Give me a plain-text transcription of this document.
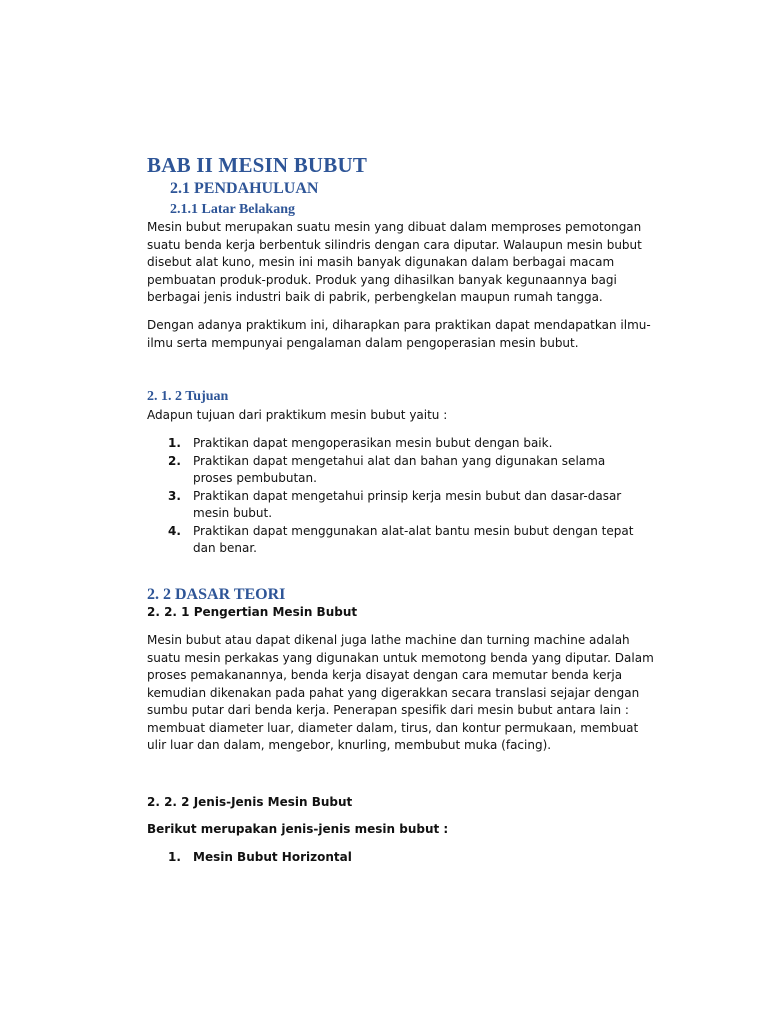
BAB II MESIN BUBUT
2.1 PENDAHULUAN
2.1.1 Latar Belakang

Mesin bubut merupakan suatu mesin yang dibuat dalam memproses pemotongan suatu benda kerja berbentuk silindris dengan cara diputar. Walaupun mesin bubut disebut alat kuno, mesin ini masih banyak digunakan dalam berbagai macam pembuatan produk-produk. Produk yang dihasilkan banyak kegunaannya bagi berbagai jenis industri baik di pabrik, perbengkelan maupun rumah tangga.

Dengan adanya praktikum ini, diharapkan para praktikan dapat mendapatkan ilmu-ilmu serta mempunyai pengalaman dalam pengoperasian mesin bubut.

2. 1. 2 Tujuan

Adapun tujuan dari praktikum mesin bubut yaitu :

1. Praktikan dapat mengoperasikan mesin bubut dengan baik.
2. Praktikan dapat mengetahui alat dan bahan yang digunakan selama proses pembubutan.
3. Praktikan dapat mengetahui prinsip kerja mesin bubut dan dasar-dasar mesin bubut.
4. Praktikan dapat menggunakan alat-alat bantu mesin bubut dengan tepat dan benar.
2. 2 DASAR TEORI

2. 2. 1 Pengertian Mesin Bubut

Mesin bubut atau dapat dikenal juga lathe machine dan turning machine adalah suatu mesin perkakas yang digunakan untuk memotong benda yang diputar. Dalam proses pemakanannya, benda kerja disayat dengan cara memutar benda kerja kemudian dikenakan pada pahat yang digerakkan secara translasi sejajar dengan sumbu putar dari benda kerja. Penerapan spesifik dari mesin bubut antara lain : membuat diameter luar, diameter dalam, tirus, dan kontur permukaan, membuat ulir luar dan dalam, mengebor, knurling, membubut muka (facing).

2. 2. 2 Jenis-Jenis Mesin Bubut

Berikut merupakan jenis-jenis mesin bubut :

1. Mesin Bubut Horizontal
